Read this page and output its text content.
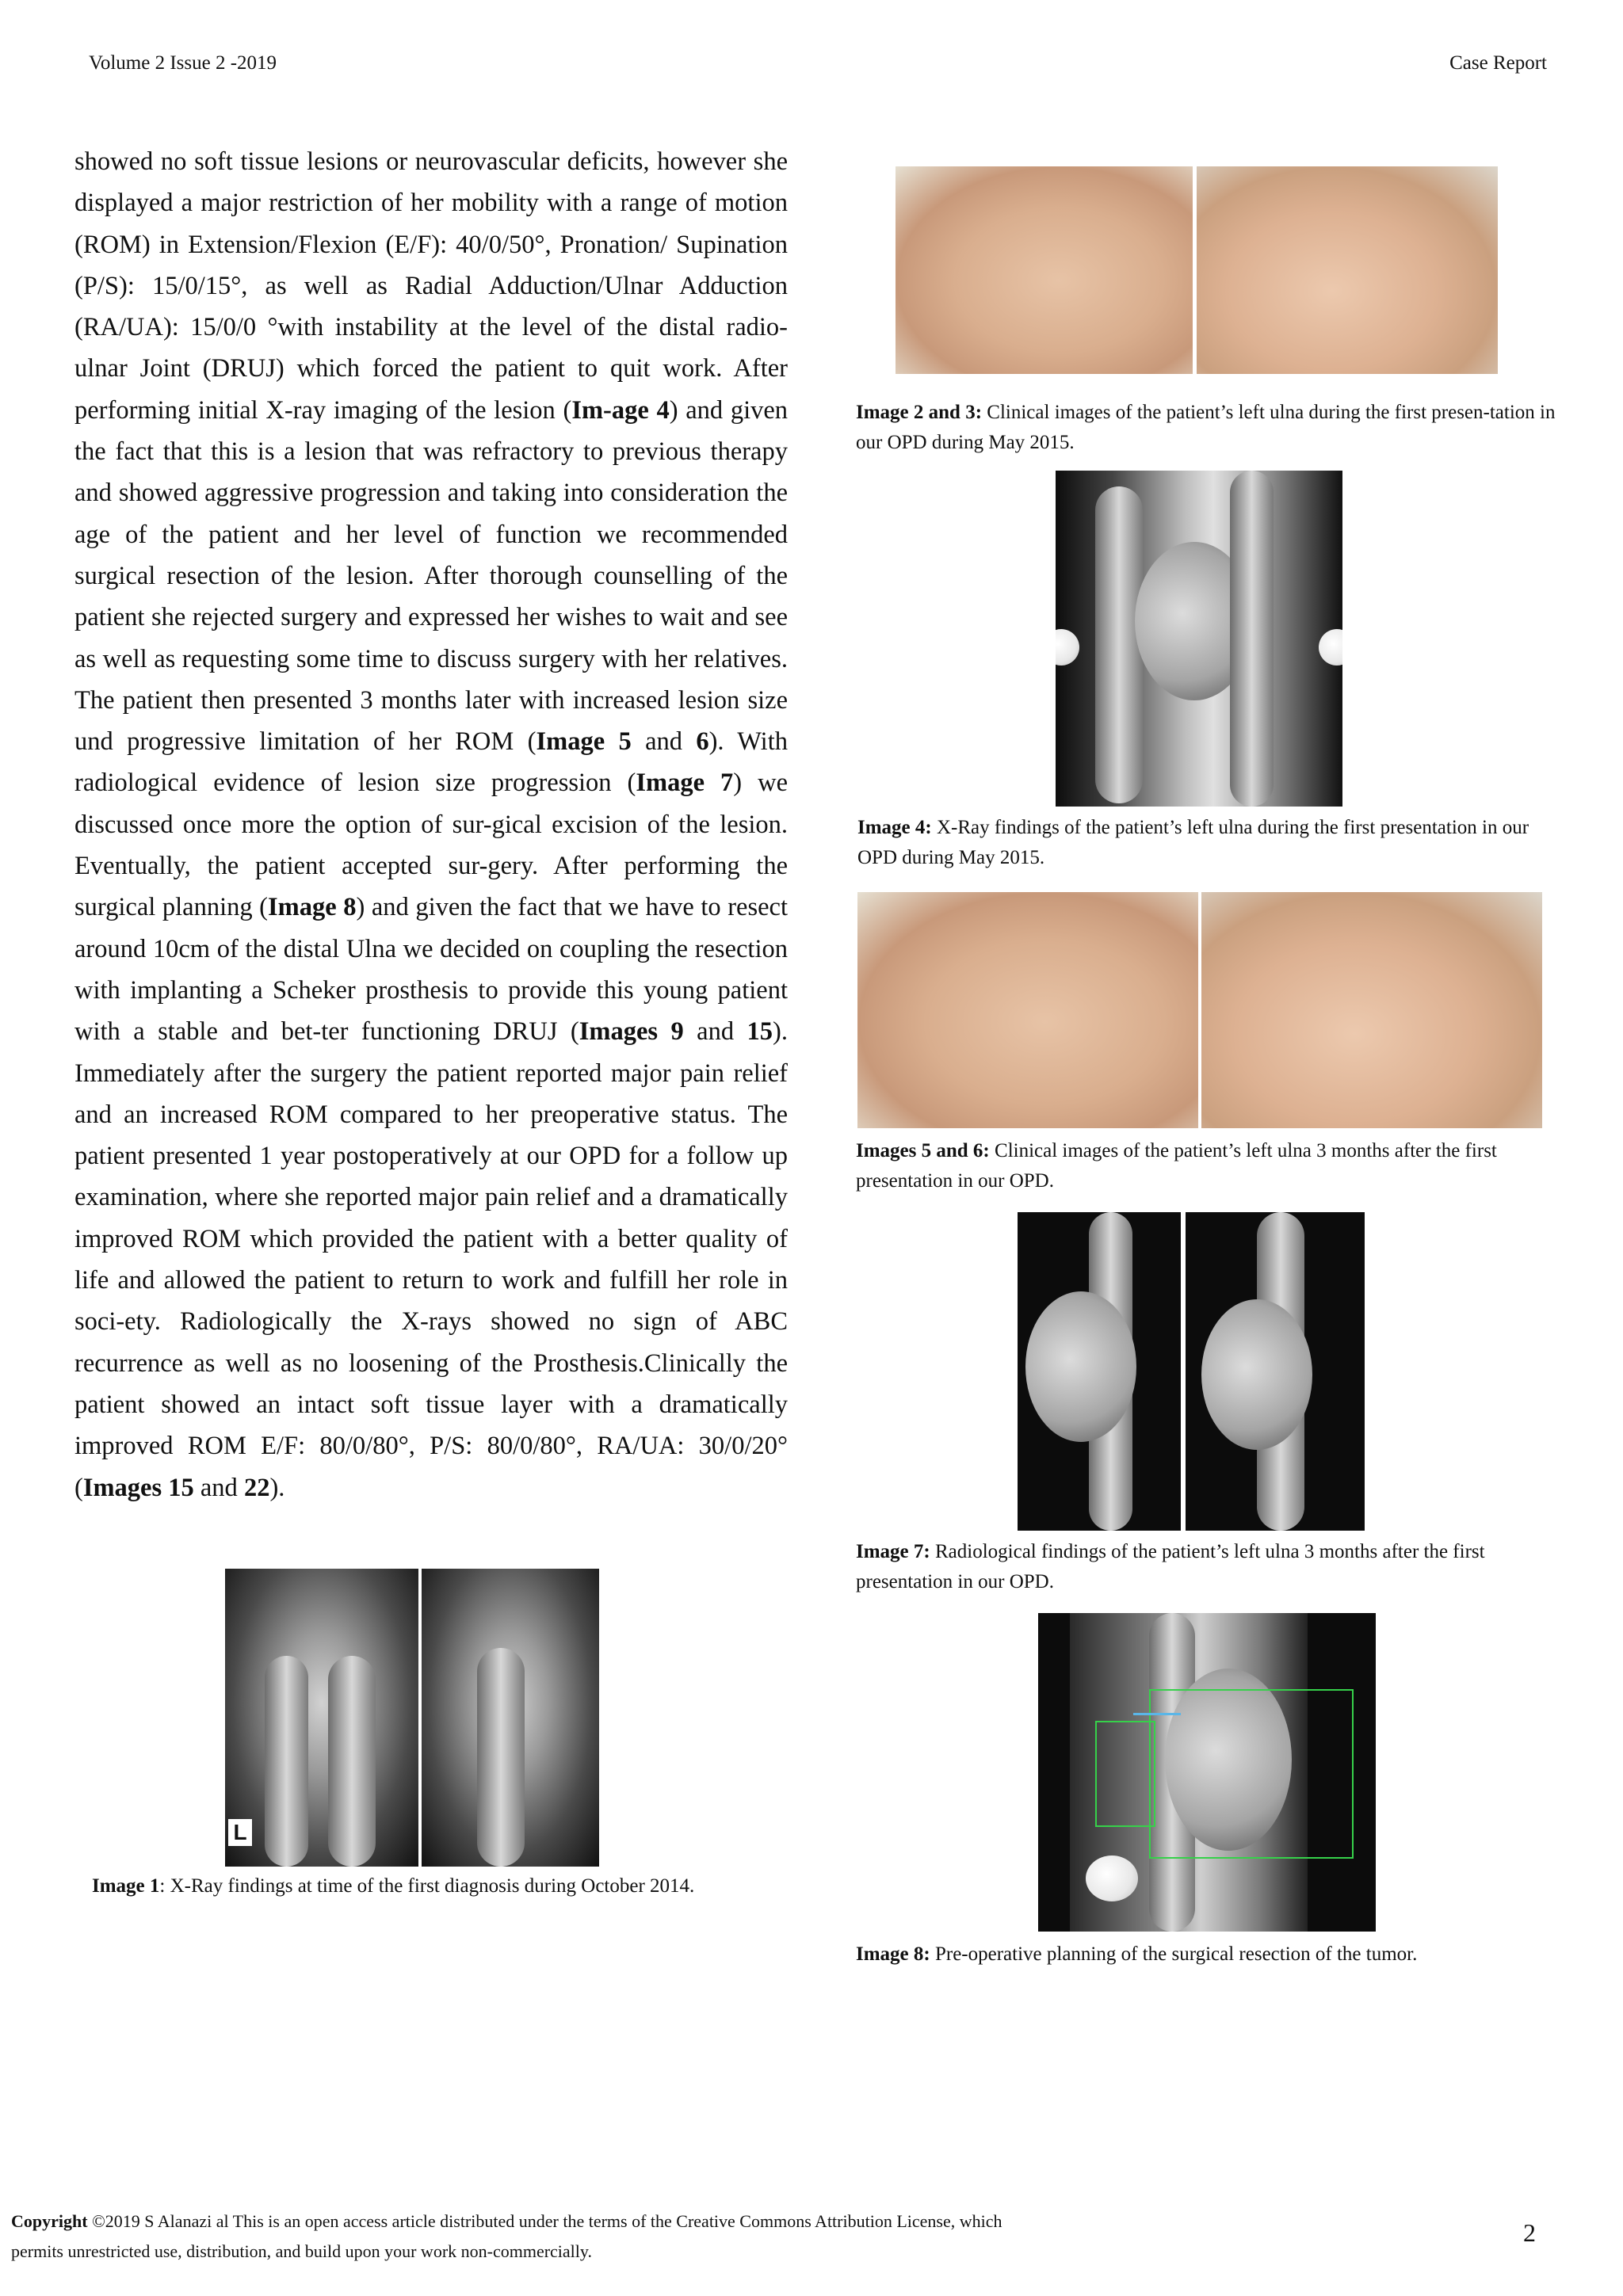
Volume 2 Issue 2 -2019	Case Report
showed no soft tissue lesions or neurovascular deficits, however she displayed a major restriction of her mobility with a range of motion (ROM) in Extension/Flexion (E/F): 40/0/50°, Pronation/ Supination (P/S): 15/0/15°, as well as Radial Adduction/Ulnar Adduction (RA/UA): 15/0/0 °with instability at the level of the distal radio-ulnar Joint (DRUJ) which forced the patient to quit work. After performing initial X-ray imaging of the lesion (Im-age 4) and given the fact that this is a lesion that was refractory to previous therapy and showed aggressive progression and taking into consideration the age of the patient and her level of function we recommended surgical resection of the lesion. After thorough counselling of the patient she rejected surgery and expressed her wishes to wait and see as well as requesting some time to discuss surgery with her relatives. The patient then presented 3 months later with increased lesion size und progressive limitation of her ROM (Image 5 and 6). With radiological evidence of lesion size progression (Image 7) we discussed once more the option of sur-gical excision of the lesion. Eventually, the patient accepted sur-gery. After performing the surgical planning (Image 8) and given the fact that we have to resect around 10cm of the distal Ulna we decided on coupling the resection with implanting a Scheker prosthesis to provide this young patient with a stable and bet-ter functioning DRUJ (Images 9 and 15). Immediately after the surgery the patient reported major pain relief and an increased ROM compared to her preoperative status. The patient presented 1 year postoperatively at our OPD for a follow up examination, where she reported major pain relief and a dramatically improved ROM which provided the patient with a better quality of life and allowed the patient to return to work and fulfill her role in soci-ety. Radiologically the X-rays showed no sign of ABC recurrence as well as no loosening of the Prosthesis.Clinically the patient showed an intact soft tissue layer with a dramatically improved ROM E/F: 80/0/80°, P/S: 80/0/80°, RA/UA: 30/0/20° (Images 15 and 22).
Image 2 and 3: Clinical images of the patient’s left ulna during the first presen-tation in our OPD during May 2015.
Image 4: X-Ray findings of the patient’s left ulna during the first presentation in our OPD during May 2015.
Images 5 and 6: Clinical images of the patient’s left ulna 3 months after the first presentation in our OPD.
Image 7: Radiological findings of the patient’s left ulna 3 months after the first presentation in our OPD.
Image 8: Pre-operative planning of the surgical resection of the tumor.
L
Image 1: X-Ray findings at time of the first diagnosis during October 2014.
Copyright ©2019 S Alanazi al This is an open access article distributed under the terms of the Creative Commons Attribution License, which
permits unrestricted use, distribution, and build upon your work non-commercially.
2
